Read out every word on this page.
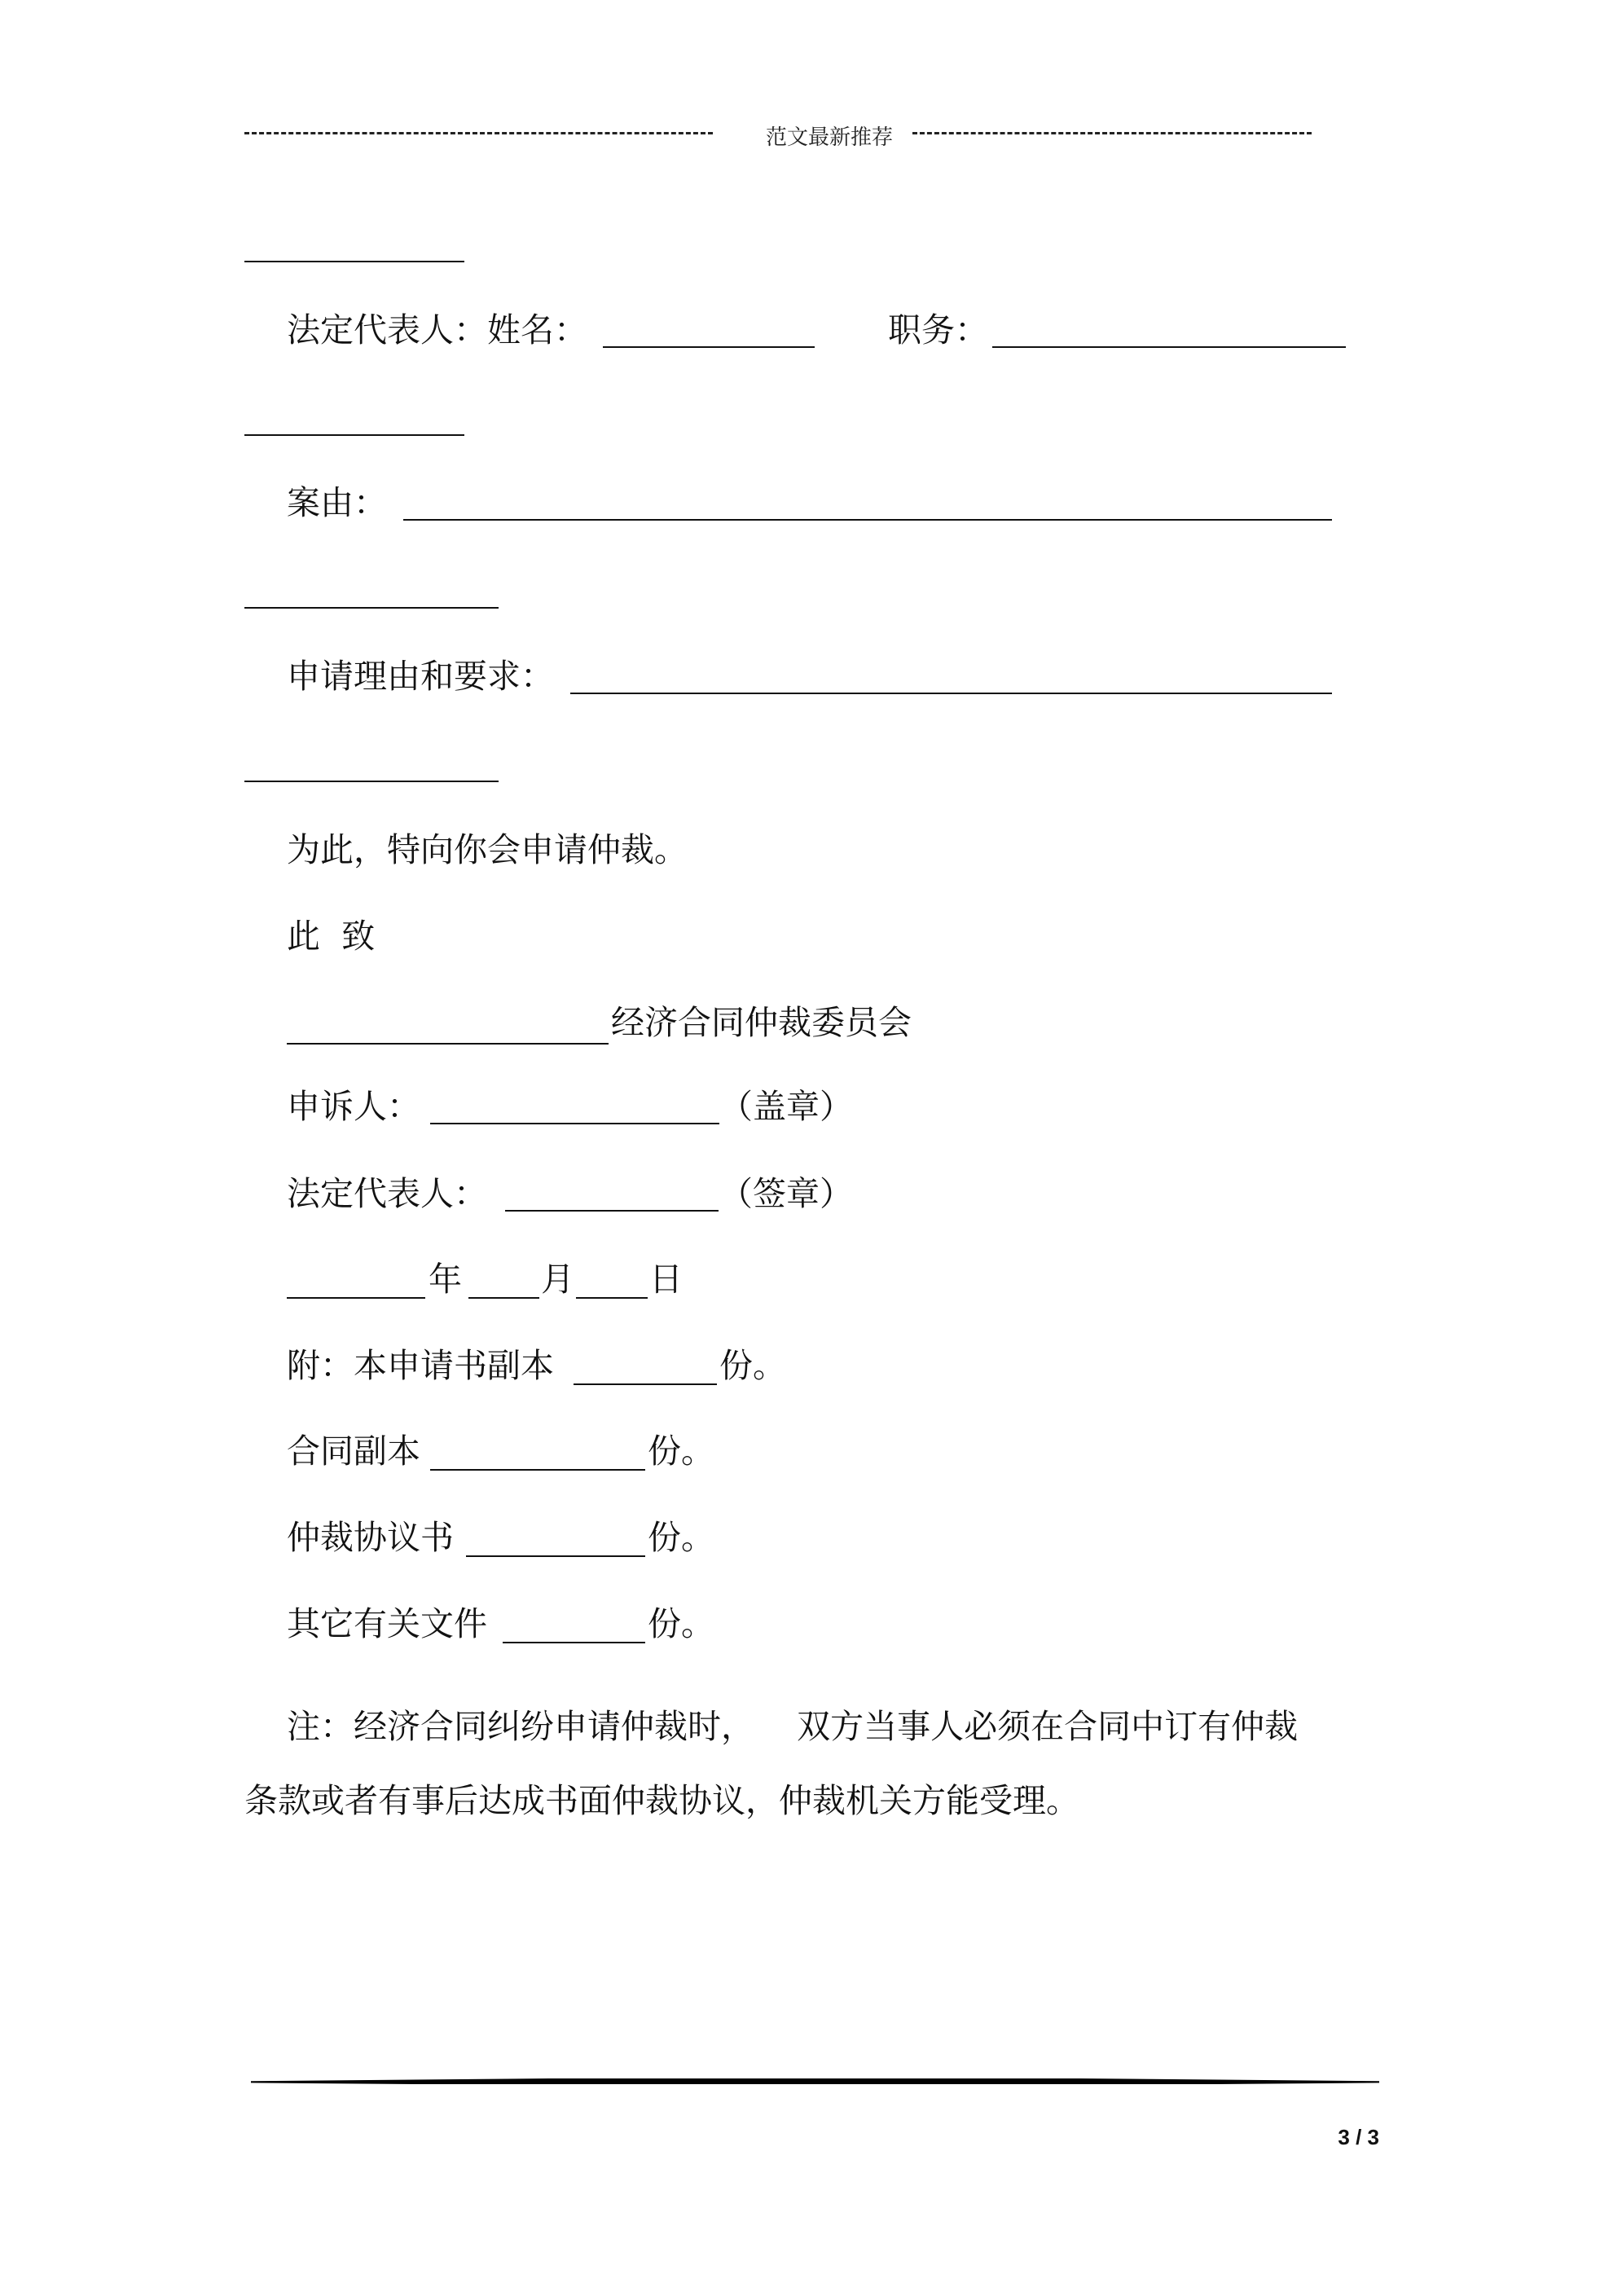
范文最新推荐
法定代表人：姓名：	职务：
案由：
申请理由和要求：
为此，特向你会申请仲裁。
此  致
经济合同仲裁委员会
申诉人：	（盖章）
法定代表人：	（签章）
年 月 日
附：本申请书副本	份。
合同副本	份。
仲裁协议书	份。
其它有关文件	份。
注：经济合同纠纷申请仲裁时，    双方当事人必须在合同中订有仲裁
条款或者有事后达成书面仲裁协议，仲裁机关方能受理。
3 / 3
